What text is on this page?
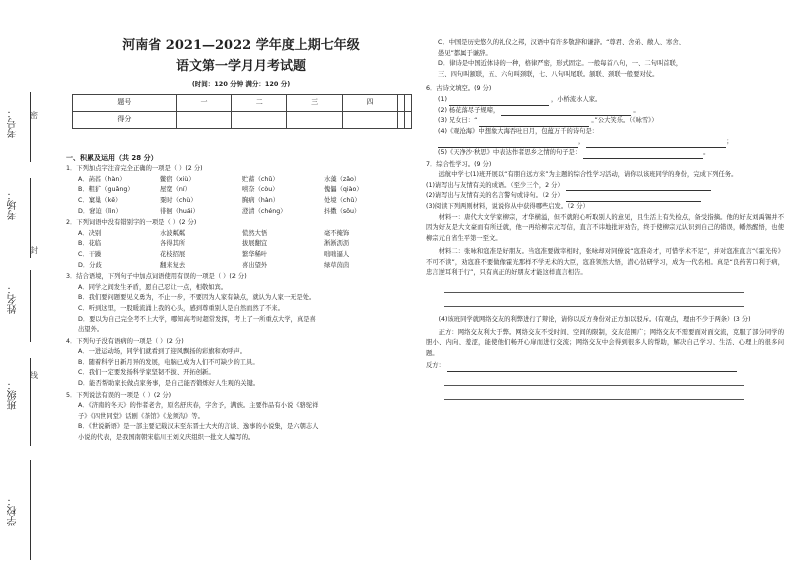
考号：
考场：
姓名：
班级：
学校：
密
封
线
河南省 2021—2022 学年度上期七年级
语文第一学月月考试题
(时间：120 分钟 满分：120 分)
题号	一	二	三	四		
得分						
一、积累及运用（共 28 分）
1．下列加点字注音完全正确的一项是（ ）(2 分)
A．菡萏（hàn）	鳖宿（xiù）	贮蓄（chǔ）	水藻（zǎo）
B．粗犷（guǎng）	屋宽（ní）	嘻奈（còu）	傀儡（qiào）
C．窠巢（kē）	粟时（chù）	胸病（hàn）	处境（chǔ）
D．窘迫（lìn）	徘徊（huái）	澄清（chéng）	抖擞（sǒu）
2．下列词语中没有错别字的一项是（ ）(2 分)
A．决别	水波粼粼	慌然大悟	毫不掩饰
B．花临	各得其所	拔展翻宜	淅淅沥沥
C．干躁	花枝招展	繁华稀叶	咄咄逼人
D．分歧	翻来复去	喜出望外	绿草茵茵
3．结合语境，下列句子中加点词语使用有误的一项是（ ）(2 分)
A．同学之间发生矛盾，愿自己忍让一点，相敬如宾。
B．我们要问题要见义勇为，不止一步，不要因为人家有缺点，就认为人家一无是处。
C．听到这里，一股暖流涌上我的心头，感到尊重别人是自然而然了不来。
D．要以为自己完全考不上大学，哪知高考时超常发挥，考上了一所重点大学，真是喜
出望外。
4．下列句子没有语病的一项是（ ）(2 分)
A．一进运动场，同学们就看到了迎风飘扬的彩旗和欢呼声。
B．随着科学日新月异的发展，电脑已成为人们不可缺少的工具。
C．我们一定要发扬科学家坚韧不拔、开拓创新。
D．能否帮助家长做点家务事，是自己能否锻炼好人生观的关键。
5．下列说法有误的一项是（ ）(2 分)
A．《济南的冬天》的作者老舍，原名舒庆春，字舍予，满族。主要作品有小说《骆驼祥
子》《四世同堂》话剧《茶馆》《龙须沟》等。
B．《世说新语》是一部主要记载汉末至东晋士大夫的言谈、逸事的小说集，是六朝志人
小说的代表，是我国南朝宋临川王刘义庆组织一批文人编写的。
C．中国是历史悠久的礼仪之邦，汉语中有许多敬辞和谦辞。“尊君、舍弟、敝人、寒舍、
愚见”都属于谦辞。
D．律诗是中国近体诗的一种，格律严密，形式固定。一般每首八句，一、二句叫首联，
三、四句叫颔联，五、六句叫颈联，七、八句叫尾联。颔联、颈联一般要对仗。
6．古诗文填空。(9 分)
(1)	，小桥流水人家。
(2) 杨花落尽子规啼，	。
(3) 兄女曰：“	。”公大笑乐。（《咏雪》）
(4)《观沧海》中想象大海吞吐日月，包蕴万千的诗句是：
，	；
(5)《天净沙·秋思》中表达作者思乡之情的句子是：	。
7．综合性学习。(9 分)
远航中学七(1)班开展以“有朋自远方来”为主题的综合性学习活动，请你以该班同学的身份，完成下列任务。
(1)请写出与友情有关的成语。（至少三个，2 分）
(2)请写出与友情有关的名言警句或诗句。（2 分）
(3)阅读下列两则材料，说说你从中获得哪些启发。（2 分）
材料一：唐代大文学家柳宗，才华横溢，但不就附心听取别人的意见，且生活上有失检点，备受指摘。他的好友刘禹锡并不因为好友是大文豪而有所迁就，他一再给柳宗元写信，直言不讳地批评劝告，终于使柳宗元认识到自己的错误，幡然醒悟，也使柳宗元自省生平第一至文。
材料二：张咏和寇准是好朋友。当寇准要做宰相时，张咏却对同僚说“寇准奇才，可惜学术不足”，并对寇准直言“《霍光传》不可不读”，劝寇准不要做像霍光那样不学无术的大臣，寇准领然大悟，潜心钻研学习，成为一代名相。真是“良药苦口利于病，忠言逆耳利于行”，只有真正的好朋友才能这样直言相告。
(4)该班同学就网络交友的利弊进行了辩论，请你以反方身份对正方加以驳斥。(有观点，理由不少于两条）(3 分)
正方：网络交友利大于弊。网络交友不受时间、空间的限制，交友范围广；网络交友不需要面对面交流，克服了部分同学的胆小、内向、羞涩，能使他们畅开心扉而进行交流；网络交友中会得到很多人的帮助，解决自己学习、生活、心理上的很多问题。
反方：
